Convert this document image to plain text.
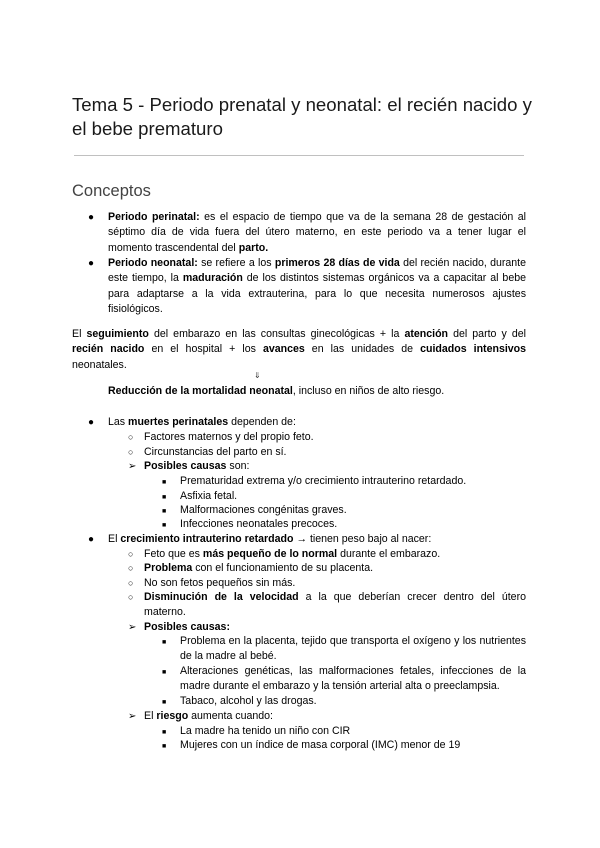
Tema 5 - Periodo prenatal y neonatal: el recién nacido y el bebe prematuro
Conceptos
● Periodo perinatal: es el espacio de tiempo que va de la semana 28 de gestación al séptimo día de vida fuera del útero materno, en este periodo va a tener lugar el momento trascendental del parto.
● Periodo neonatal: se refiere a los primeros 28 días de vida del recién nacido, durante este tiempo, la maduración de los distintos sistemas orgánicos va a capacitar al bebe para adaptarse a la vida extrauterina, para lo que necesita numerosos ajustes fisiológicos.
El seguimiento del embarazo en las consultas ginecológicas + la atención del parto y del recién nacido en el hospital + los avances en las unidades de cuidados intensivos neonatales.
⇓
Reducción de la mortalidad neonatal, incluso en niños de alto riesgo.
● Las muertes perinatales dependen de:
○ Factores maternos y del propio feto.
○ Circunstancias del parto en sí.
➢ Posibles causas son:
■ Prematuridad extrema y/o crecimiento intrauterino retardado.
■ Asfixia fetal.
■ Malformaciones congénitas graves.
■ Infecciones neonatales precoces.
● El crecimiento intrauterino retardado → tienen peso bajo al nacer:
○ Feto que es más pequeño de lo normal durante el embarazo.
○ Problema con el funcionamiento de su placenta.
○ No son fetos pequeños sin más.
○ Disminución de la velocidad a la que deberían crecer dentro del útero materno.
➢ Posibles causas:
■ Problema en la placenta, tejido que transporta el oxígeno y los nutrientes de la madre al bebé.
■ Alteraciones genéticas, las malformaciones fetales, infecciones de la madre durante el embarazo y la tensión arterial alta o preeclampsia.
■ Tabaco, alcohol y las drogas.
➢ El riesgo aumenta cuando:
■ La madre ha tenido un niño con CIR
■ Mujeres con un índice de masa corporal (IMC) menor de 19
